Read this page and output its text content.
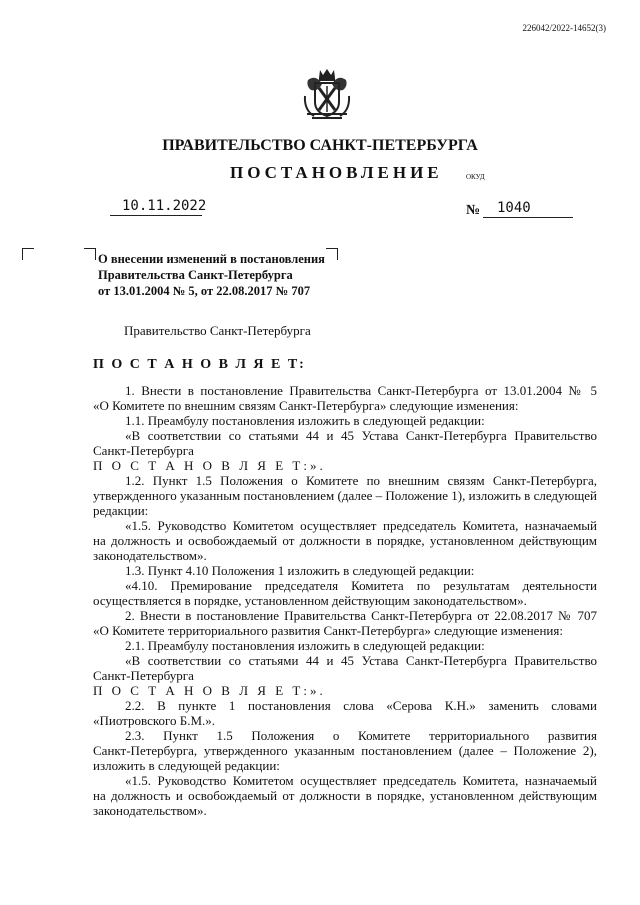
226042/2022-14652(3)
ПРАВИТЕЛЬСТВО САНКТ-ПЕТЕРБУРГА
ПОСТАНОВЛЕНИЕ	ОКУД
10.11.2022	№ 1040
О внесении изменений в постановления
Правительства Санкт-Петербурга
от 13.01.2004 № 5, от 22.08.2017 № 707
Правительство Санкт-Петербурга
П О С Т А Н О В Л Я Е Т:

1. Внести в постановление Правительства Санкт-Петербурга от 13.01.2004 № 5

«О Комитете по внешним связям Санкт-Петербурга» следующие изменения:

1.1. Преамбулу постановления изложить в следующей редакции:

«В соответствии со статьями 44 и 45 Устава Санкт-Петербурга Правительство

Санкт-Петербурга

П О С Т А Н О В Л Я Е Т:».

1.2. Пункт 1.5 Положения о Комитете по внешним связям Санкт-Петербурга,

утвержденного указанным постановлением (далее – Положение 1), изложить в следующей

редакции:

«1.5. Руководство Комитетом осуществляет председатель Комитета, назначаемый

на должность и освобождаемый от должности в порядке, установленном действующим

законодательством».

1.3. Пункт 4.10 Положения 1 изложить в следующей редакции:

«4.10. Премирование председателя Комитета по результатам деятельности

осуществляется в порядке, установленном действующим законодательством».

2. Внести в постановление Правительства Санкт-Петербурга от 22.08.2017 № 707

«О Комитете территориального развития Санкт-Петербурга» следующие изменения:

2.1. Преамбулу постановления изложить в следующей редакции:

«В соответствии со статьями 44 и 45 Устава Санкт-Петербурга Правительство

Санкт-Петербурга

П О С Т А Н О В Л Я Е Т:».

2.2. В пункте 1 постановления слова «Серова К.Н.» заменить словами

«Пиотровского Б.М.».

2.3. Пункт 1.5 Положения о Комитете территориального развития

Санкт-Петербурга, утвержденного указанным постановлением (далее – Положение 2),

изложить в следующей редакции:

«1.5. Руководство Комитетом осуществляет председатель Комитета, назначаемый

на должность и освобождаемый от должности в порядке, установленном действующим

законодательством».
